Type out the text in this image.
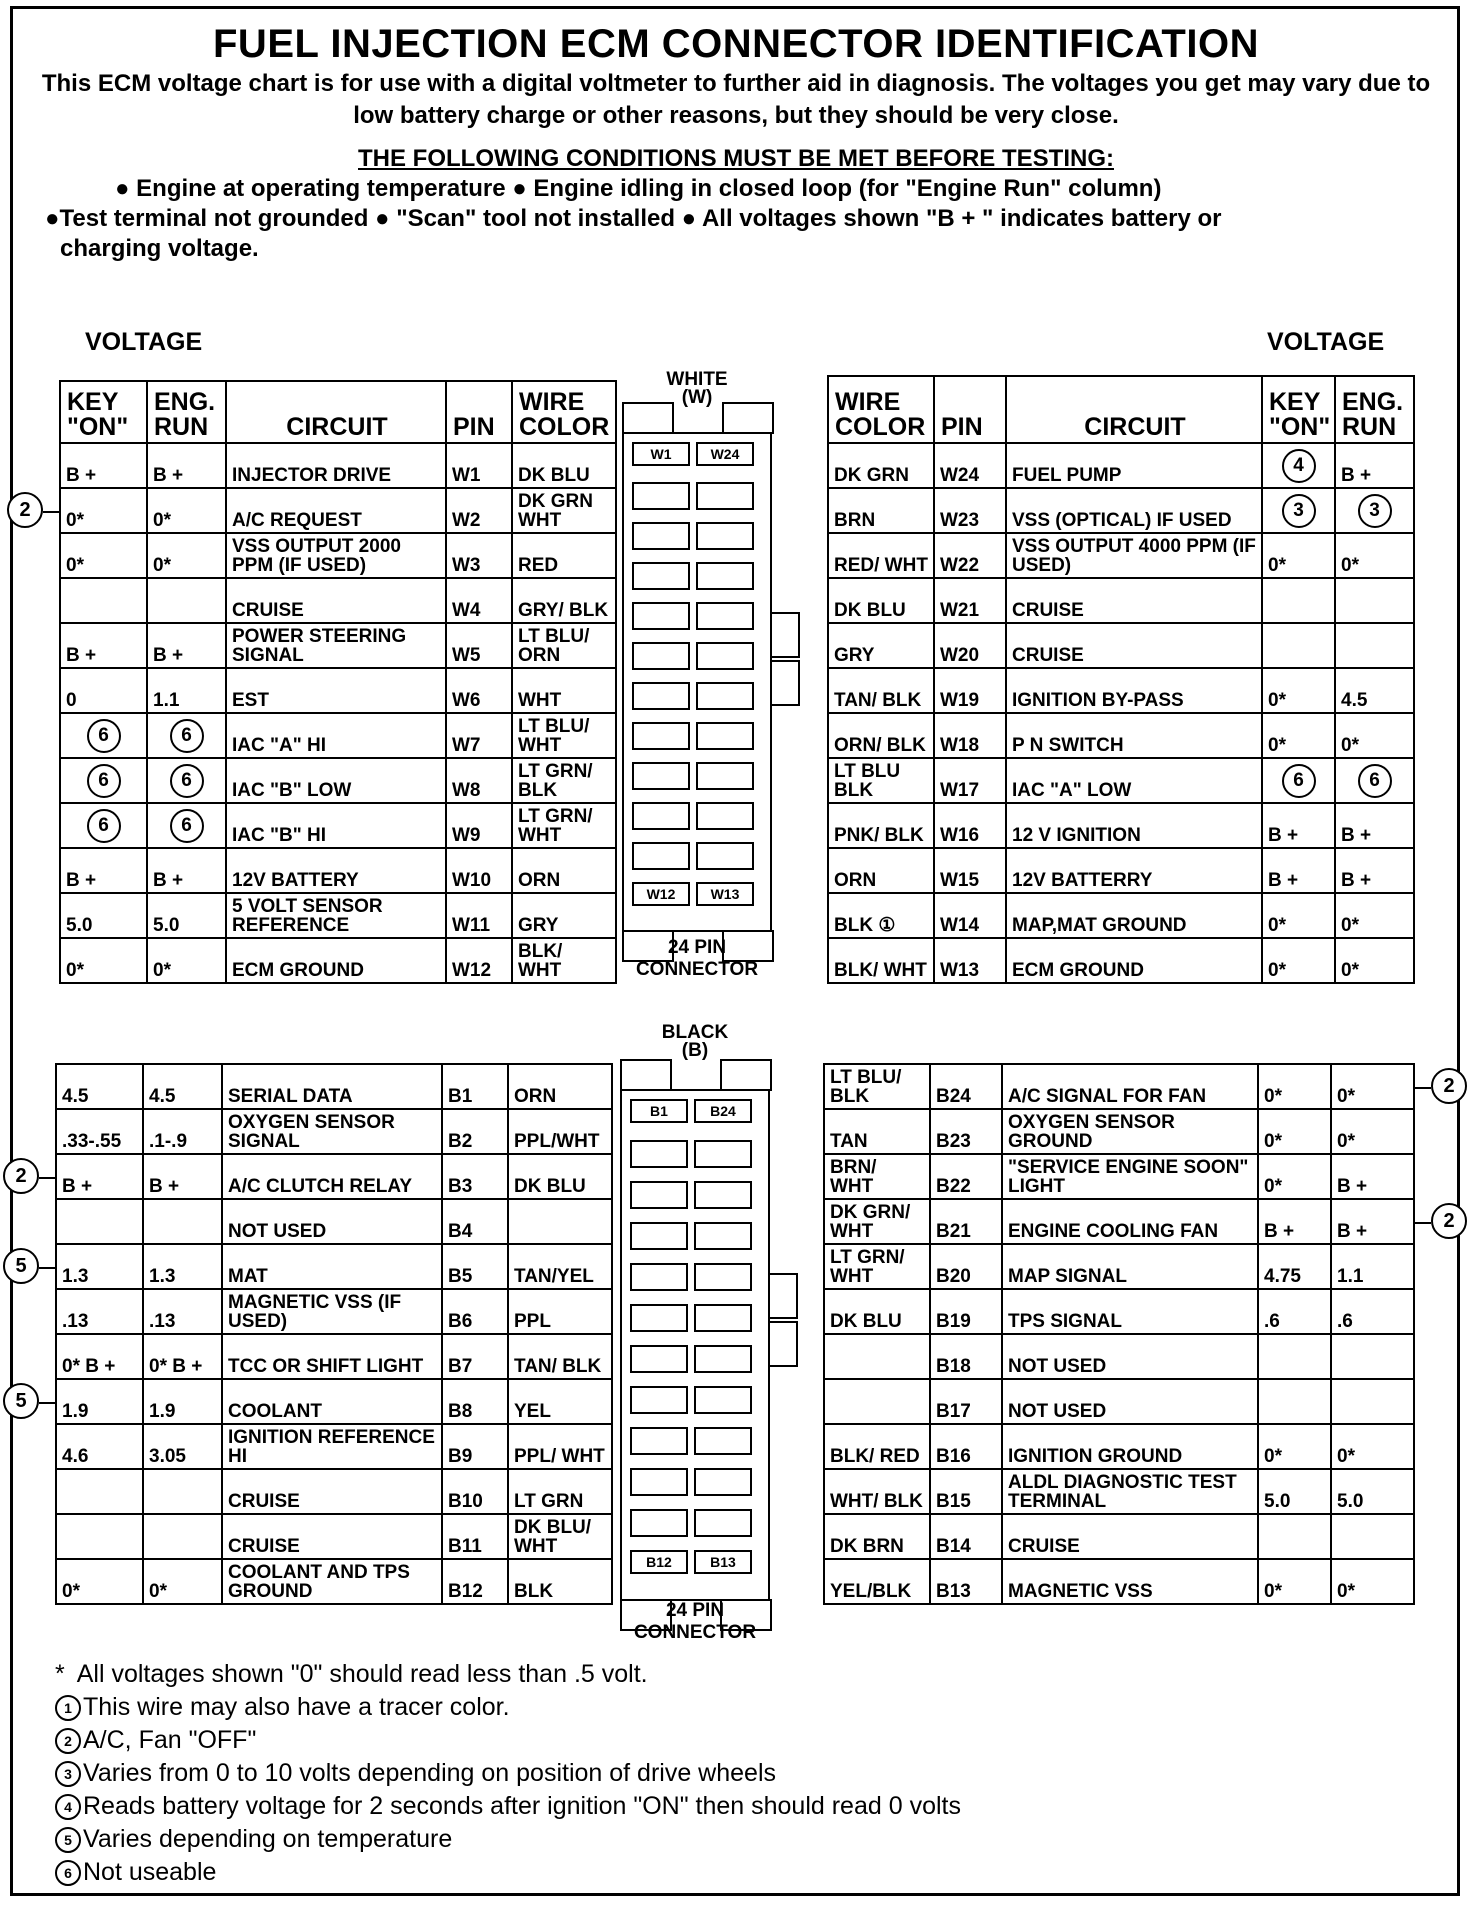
FUEL INJECTION ECM CONNECTOR IDENTIFICATION
This ECM voltage chart is for use with a digital voltmeter to further aid in diagnosis. The voltages you get may vary due to low battery charge or other reasons, but they should be very close.
THE FOLLOWING CONDITIONS MUST BE MET BEFORE TESTING:
● Engine at operating temperature ● Engine idling in closed loop (for "Engine Run" column)
●Test terminal not grounded ● "Scan" tool not installed ● All voltages shown "B + " indicates battery or
charging voltage.
VOLTAGE	VOLTAGE
KEY "ON"	ENG. RUN	CIRCUIT	PIN	WIRE COLOR
B +	B +	INJECTOR DRIVE	W1	DK BLU
0*	0*	A/C REQUEST	W2	DK GRN WHT
0*	0*	VSS OUTPUT 2000 PPM (IF USED)	W3	RED
		CRUISE	W4	GRY/ BLK
B +	B +	POWER STEERING SIGNAL	W5	LT BLU/ ORN
0	1.1	EST	W6	WHT
6	6	IAC "A" HI	W7	LT BLU/ WHT
6	6	IAC "B" LOW	W8	LT GRN/ BLK
6	6	IAC "B" HI	W9	LT GRN/ WHT
B +	B +	12V BATTERY	W10	ORN
5.0	5.0	5 VOLT SENSOR REFERENCE	W11	GRY
0*	0*	ECM GROUND	W12	BLK/ WHT
WIRE COLOR	PIN	CIRCUIT	KEY "ON"	ENG. RUN
DK GRN	W24	FUEL PUMP	4	B +
BRN	W23	VSS (OPTICAL) IF USED	3	3
RED/ WHT	W22	VSS OUTPUT 4000 PPM (IF USED)	0*	0*
DK BLU	W21	CRUISE		
GRY	W20	CRUISE		
TAN/ BLK	W19	IGNITION BY-PASS	0*	4.5
ORN/ BLK	W18	P N SWITCH	0*	0*
LT BLU BLK	W17	IAC "A" LOW	6	6
PNK/ BLK	W16	12 V IGNITION	B +	B +
ORN	W15	12V BATTERRY	B +	B +
BLK ①	W14	MAP,MAT GROUND	0*	0*
BLK/ WHT	W13	ECM GROUND	0*	0*
4.5	4.5	SERIAL DATA	B1	ORN
.33-.55	.1-.9	OXYGEN SENSOR SIGNAL	B2	PPL/WHT
B +	B +	A/C CLUTCH RELAY	B3	DK BLU
		NOT USED	B4	
1.3	1.3	MAT	B5	TAN/YEL
.13	.13	MAGNETIC VSS (IF USED)	B6	PPL
0* B +	0* B +	TCC OR SHIFT LIGHT	B7	TAN/ BLK
1.9	1.9	COOLANT	B8	YEL
4.6	3.05	IGNITION REFERENCE HI	B9	PPL/ WHT
		CRUISE	B10	LT GRN
		CRUISE	B11	DK BLU/ WHT
0*	0*	COOLANT AND TPS GROUND	B12	BLK
LT BLU/ BLK	B24	A/C SIGNAL FOR FAN	0*	0*
TAN	B23	OXYGEN SENSOR GROUND	0*	0*
BRN/ WHT	B22	"SERVICE ENGINE SOON" LIGHT	0*	B +
DK GRN/ WHT	B21	ENGINE COOLING FAN	B +	B +
LT GRN/ WHT	B20	MAP SIGNAL	4.75	1.1
DK BLU	B19	TPS SIGNAL	.6	.6
	B18	NOT USED		
	B17	NOT USED		
BLK/ RED	B16	IGNITION GROUND	0*	0*
WHT/ BLK	B15	ALDL DIAGNOSTIC TEST TERMINAL	5.0	5.0
DK BRN	B14	CRUISE		
YEL/BLK	B13	MAGNETIC VSS	0*	0*
WHITE
(W)
W1	W24
W12	W13
24 PIN
CONNECTOR
BLACK
(B)
B1	B24
B12	B13
24 PIN
CONNECTOR
* All voltages shown "0" should read less than .5 volt.
1 This wire may also have a tracer color.
2 A/C, Fan "OFF"
3 Varies from 0 to 10 volts depending on position of drive wheels
4 Reads battery voltage for 2 seconds after ignition "ON" then should read 0 volts
5 Varies depending on temperature
6 Not useable
2
2
5
5
2
2
